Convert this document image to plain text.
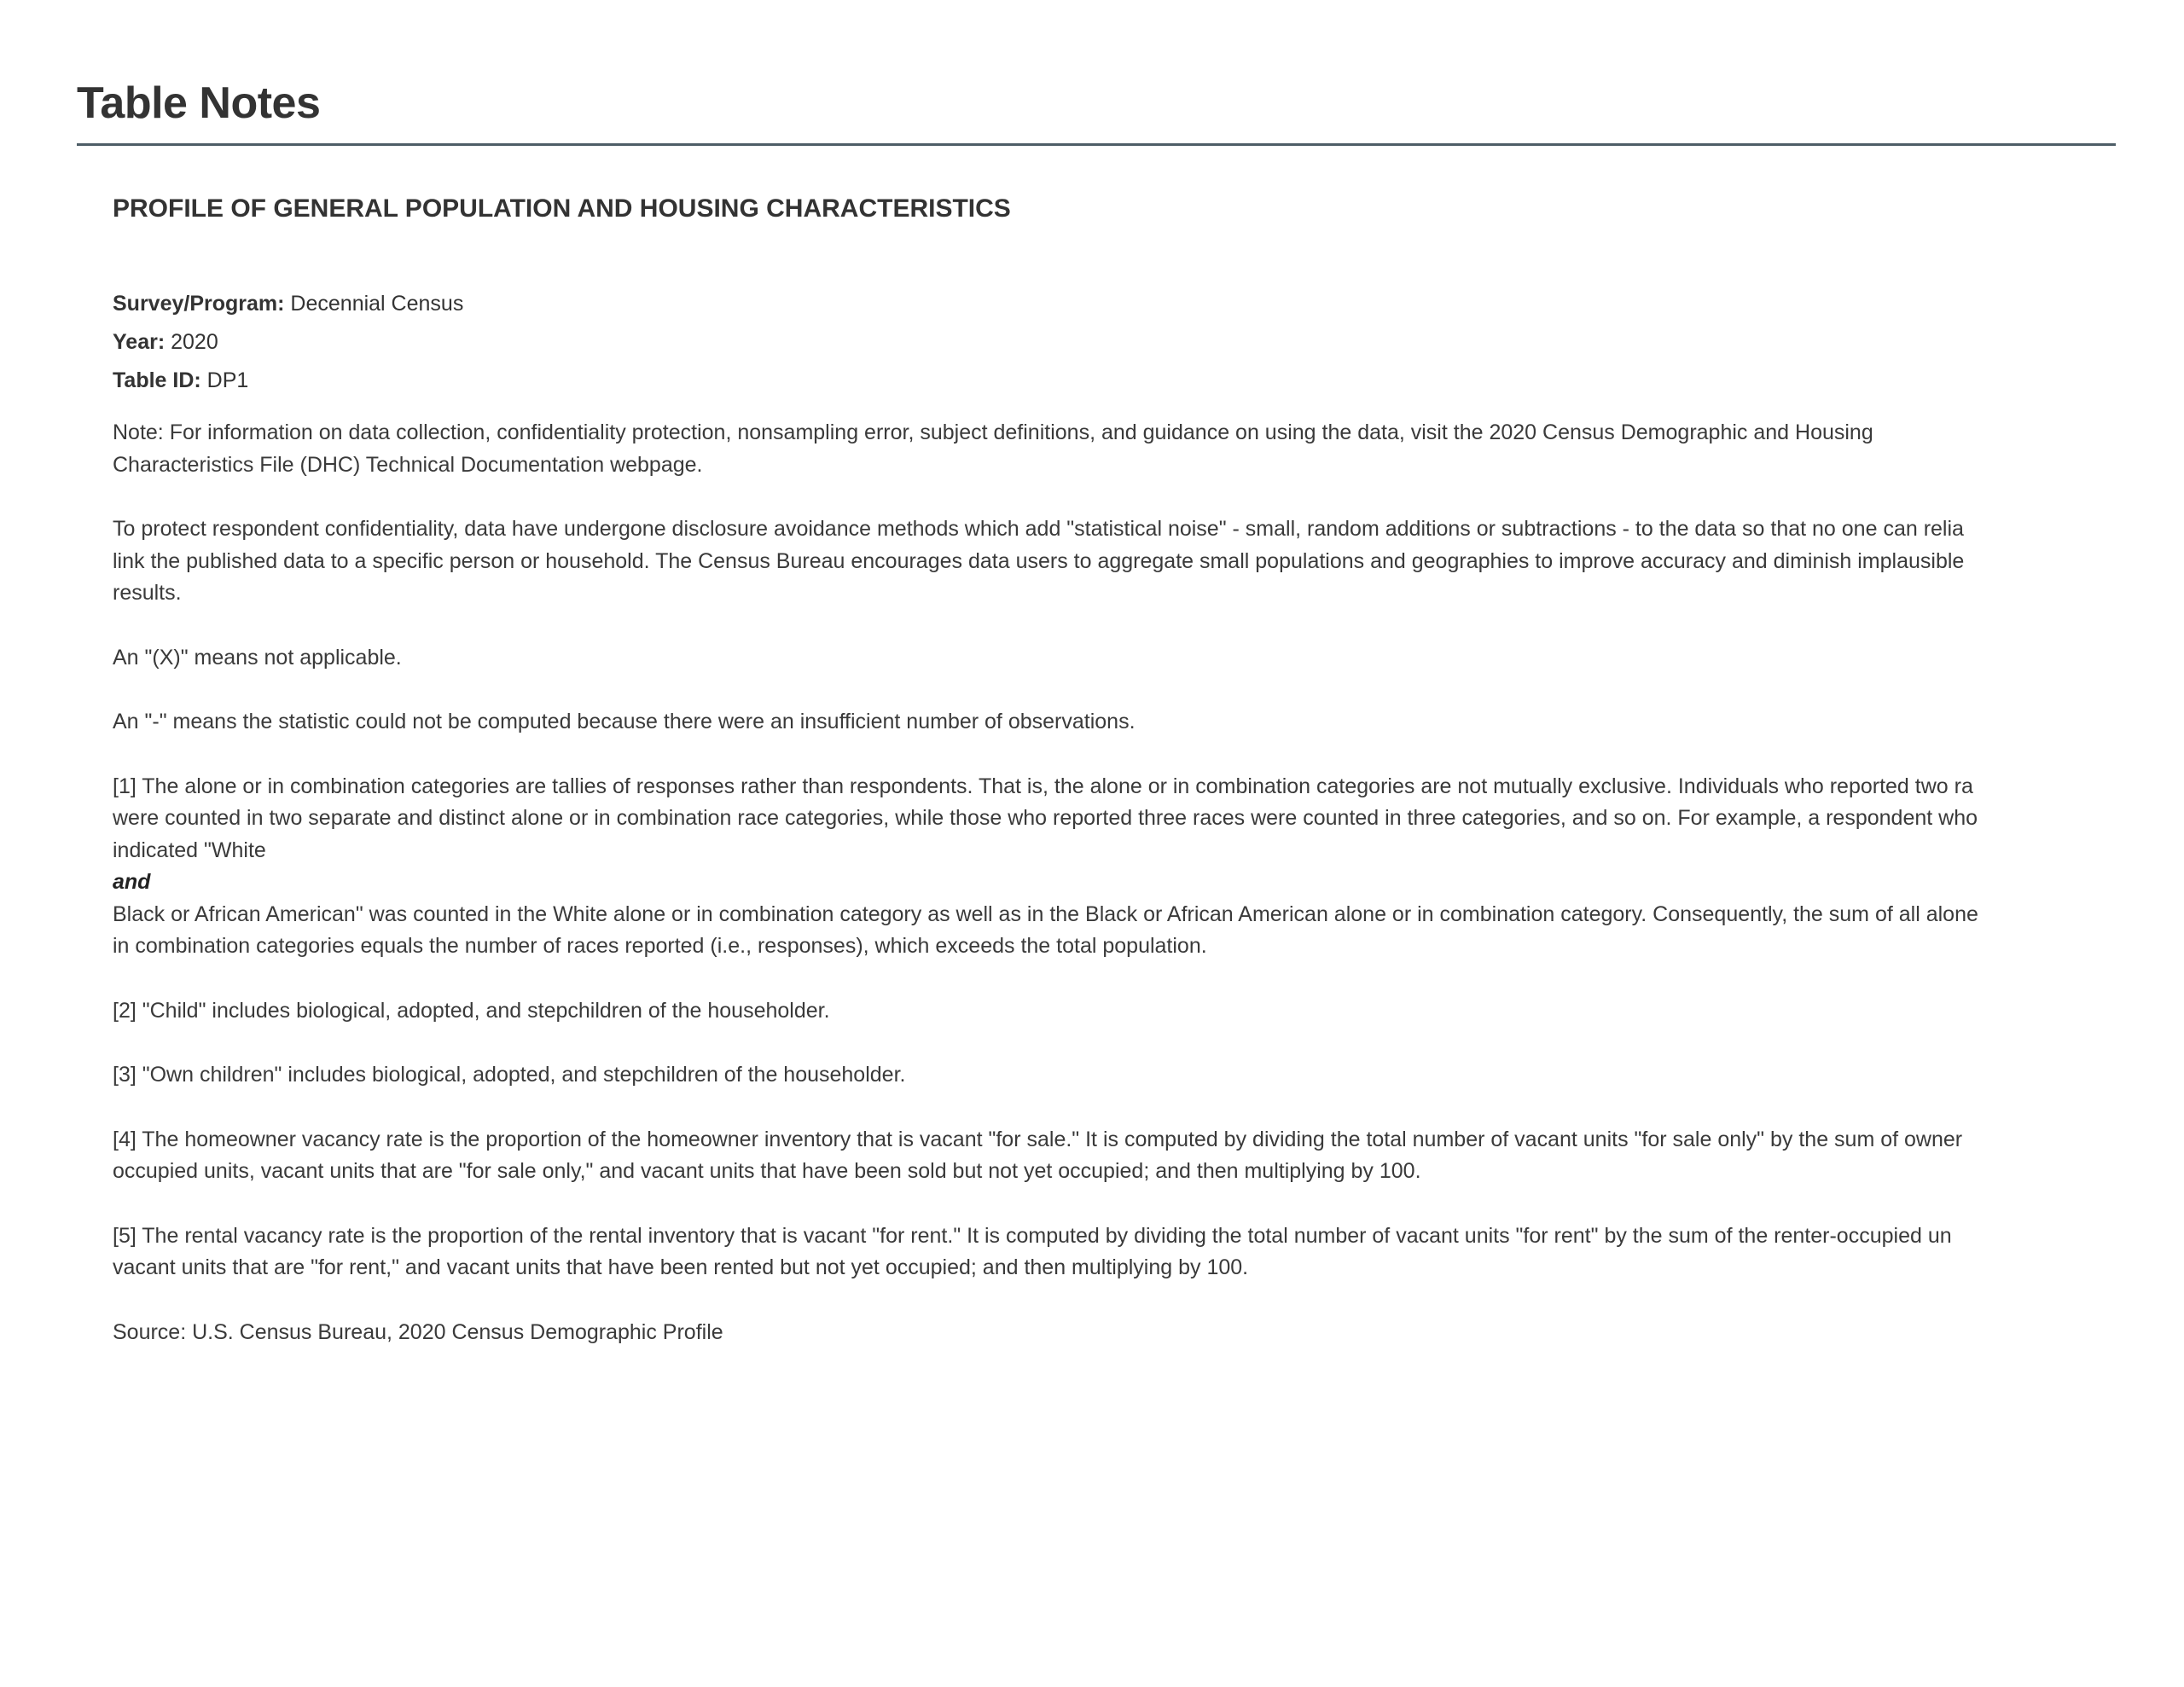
Table Notes
PROFILE OF GENERAL POPULATION AND HOUSING CHARACTERISTICS
Survey/Program: Decennial Census
Year: 2020
Table ID: DP1

Note: For information on data collection, confidentiality protection, nonsampling error, subject definitions, and guidance on using the data, visit the 2020 Census Demographic and Housing
Characteristics File (DHC) Technical Documentation webpage.

To protect respondent confidentiality, data have undergone disclosure avoidance methods which add "statistical noise" - small, random additions or subtractions - to the data so that no one can relia
link the published data to a specific person or household. The Census Bureau encourages data users to aggregate small populations and geographies to improve accuracy and diminish implausible
results.

An "(X)" means not applicable.

An "-" means the statistic could not be computed because there were an insufficient number of observations.

[1] The alone or in combination categories are tallies of responses rather than respondents. That is, the alone or in combination categories are not mutually exclusive. Individuals who reported two ra
were counted in two separate and distinct alone or in combination race categories, while those who reported three races were counted in three categories, and so on. For example, a respondent who
indicated "White
and
Black or African American" was counted in the White alone or in combination category as well as in the Black or African American alone or in combination category. Consequently, the sum of all alone
in combination categories equals the number of races reported (i.e., responses), which exceeds the total population.

[2] "Child" includes biological, adopted, and stepchildren of the householder.

[3] "Own children" includes biological, adopted, and stepchildren of the householder.

[4] The homeowner vacancy rate is the proportion of the homeowner inventory that is vacant "for sale." It is computed by dividing the total number of vacant units "for sale only" by the sum of owner
occupied units, vacant units that are "for sale only," and vacant units that have been sold but not yet occupied; and then multiplying by 100.

[5] The rental vacancy rate is the proportion of the rental inventory that is vacant "for rent." It is computed by dividing the total number of vacant units "for rent" by the sum of the renter-occupied un
vacant units that are "for rent," and vacant units that have been rented but not yet occupied; and then multiplying by 100.

Source: U.S. Census Bureau, 2020 Census Demographic Profile
